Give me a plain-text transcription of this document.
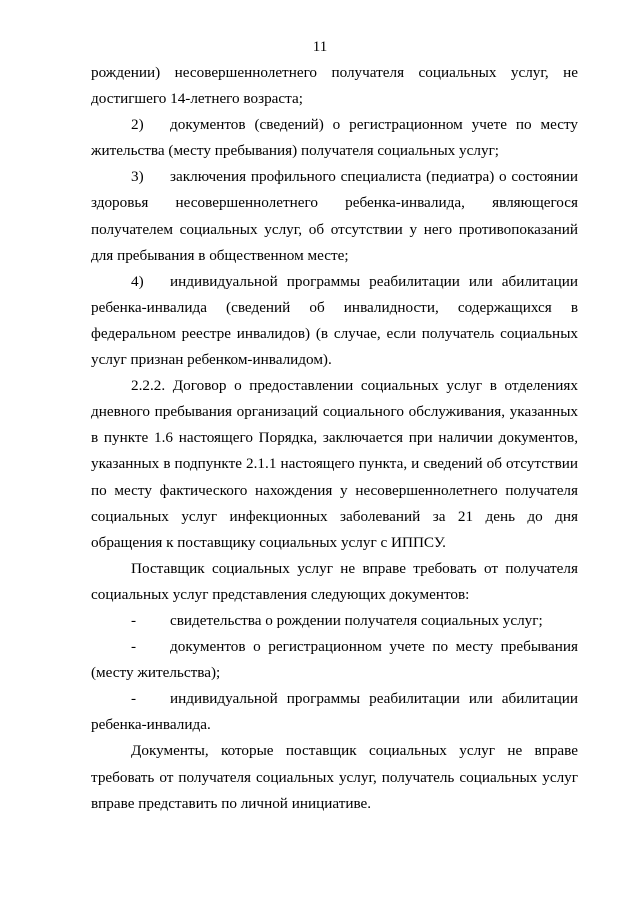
11

рождении) несовершеннолетнего получателя социальных услуг, не достигшего 14-летнего возраста;

2) документов (сведений) о регистрационном учете по месту жительства (месту пребывания) получателя социальных услуг;

3) заключения профильного специалиста (педиатра) о состоянии здоровья несовершеннолетнего ребенка-инвалида, являющегося получателем социальных услуг, об отсутствии у него противопоказаний для пребывания в общественном месте;

4) индивидуальной программы реабилитации или абилитации ребенка-инвалида (сведений об инвалидности, содержащихся в федеральном реестре инвалидов) (в случае, если получатель социальных услуг признан ребенком-инвалидом).

2.2.2. Договор о предоставлении социальных услуг в отделениях дневного пребывания организаций социального обслуживания, указанных в пункте 1.6 настоящего Порядка, заключается при наличии документов, указанных в подпункте 2.1.1 настоящего пункта, и сведений об отсутствии по месту фактического нахождения у несовершеннолетнего получателя социальных услуг инфекционных заболеваний за 21 день до дня обращения к поставщику социальных услуг с ИППСУ.

Поставщик социальных услуг не вправе требовать от получателя социальных услуг представления следующих документов:

- свидетельства о рождении получателя социальных услуг;

- документов о регистрационном учете по месту пребывания (месту жительства);

- индивидуальной программы реабилитации или абилитации ребенка-инвалида.

Документы, которые поставщик социальных услуг не вправе требовать от получателя социальных услуг, получатель социальных услуг вправе представить по личной инициативе.
